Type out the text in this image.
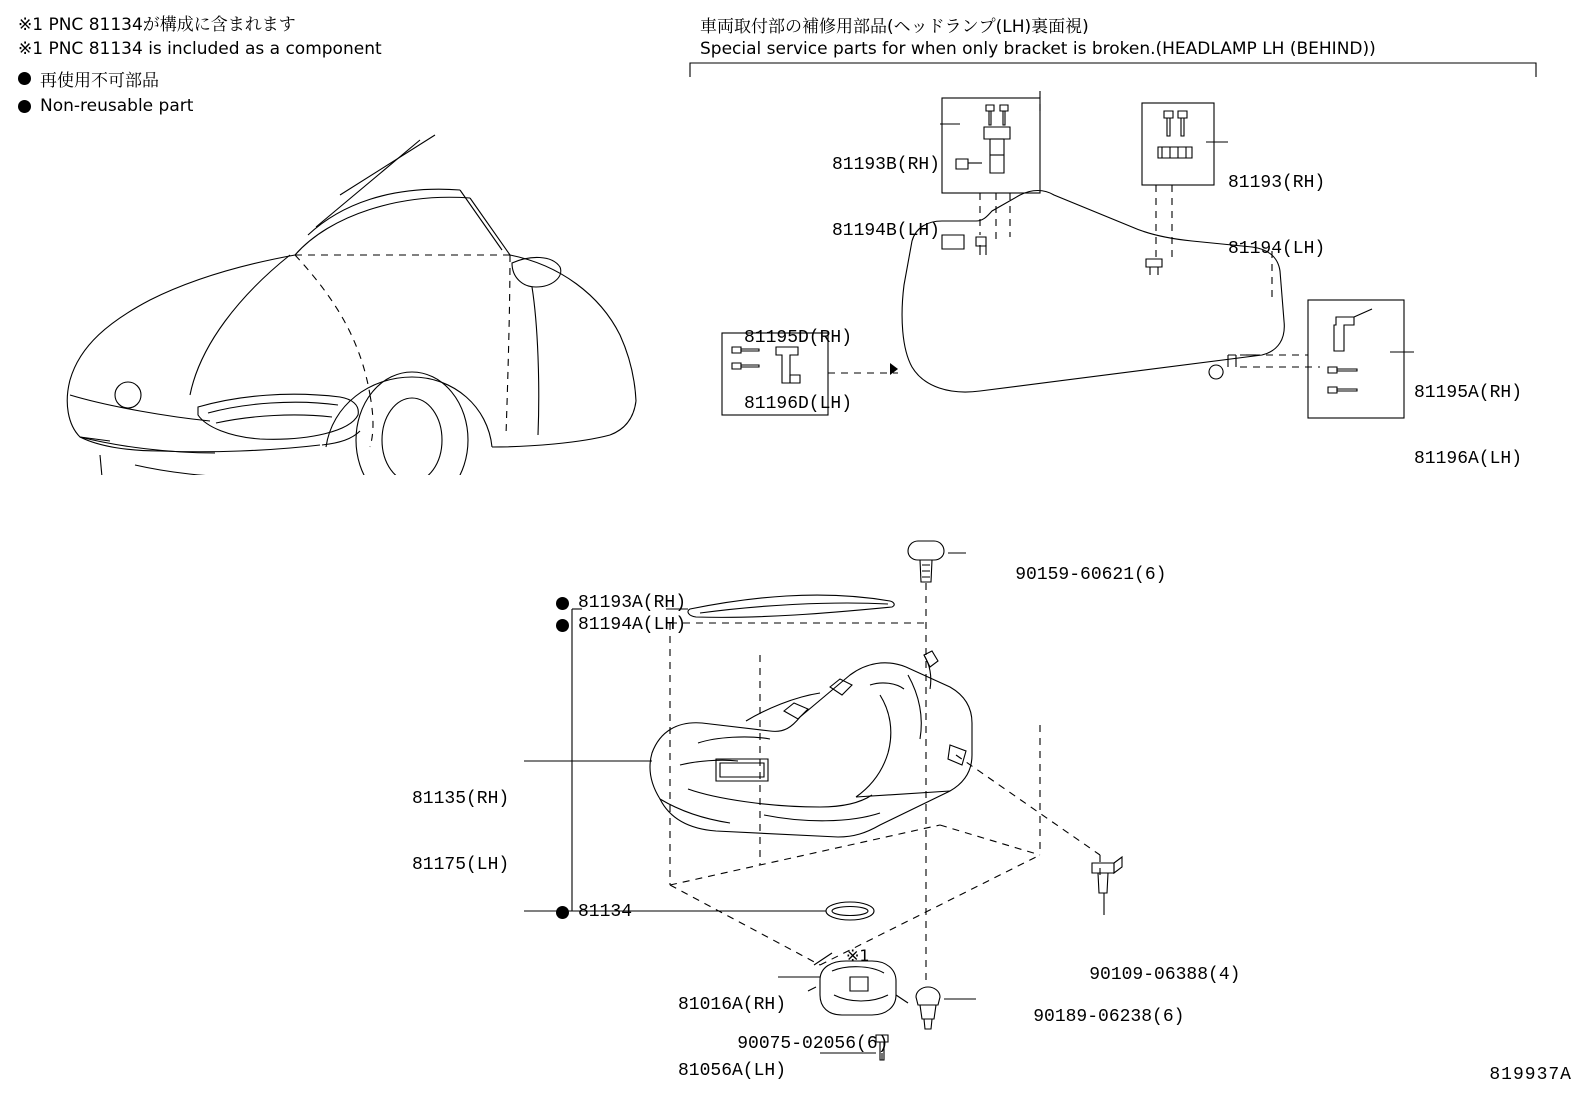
※1 PNC 81134が構成に含まれます
※1 PNC 81134 is included as a component
再使用不可部品
Non-reusable part
車両取付部の補修用部品(ヘッドランプ(LH)裏面視)
Special service parts for when only bracket is broken.(HEADLAMP LH (BEHIND))

81193B(RH)

81194B(LH)

81193(RH)

81194(LH)

81195D(RH)

81196D(LH)

81195A(RH)

81196A(LH)

90159-60621(6)

81193A(RH)
81194A(LH)

81135(RH)

81175(LH)

81134

90109-06388(4)

81016A(RH)

81056A(LH)

※1

90189-06238(6)

90075-02056(6)

819937A
